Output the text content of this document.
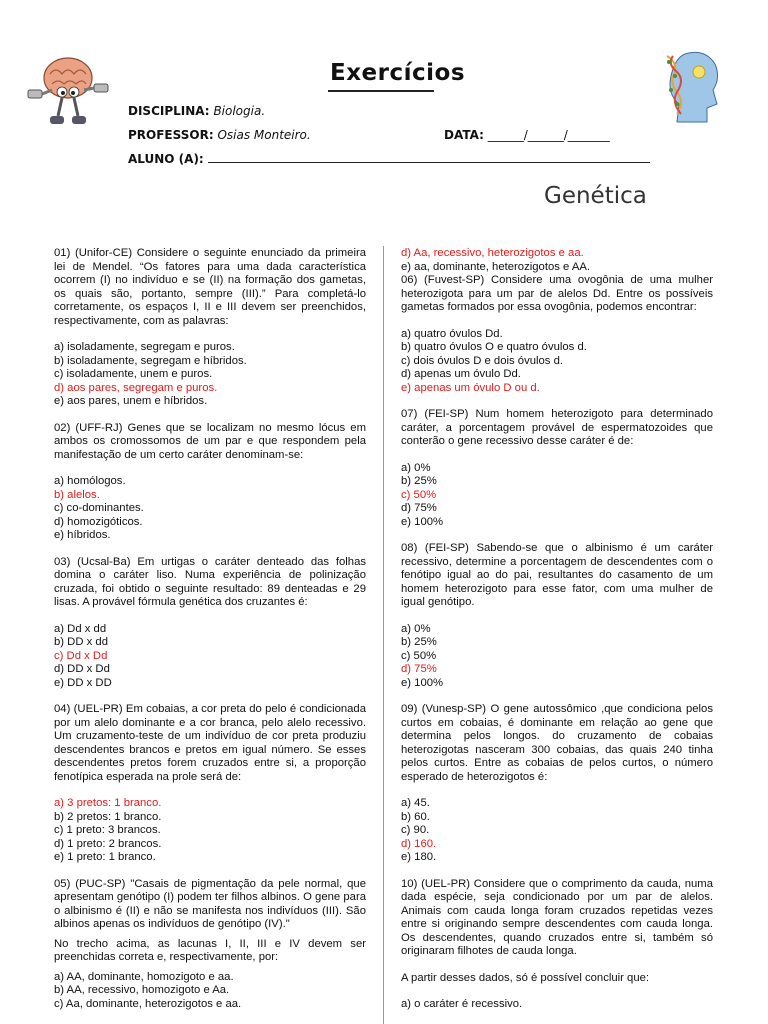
Exercícios
DISCIPLINA: Biologia.
PROFESSOR: Osias Monteiro.	DATA: ______/______/_______
ALUNO (A):
Genética

01) (Unifor-CE) Considere o seguinte enunciado da primeira lei de Mendel. “Os fatores para uma dada característica ocorrem (I) no indivíduo e se (II) na formação dos gametas, os quais são, portanto, sempre (III).” Para completá-lo corretamente, os espaços I, II e III devem ser preenchidos, respectivamente, com as palavras:

a) isoladamente, segregam e puros.

b) isoladamente, segregam e híbridos.

c) isoladamente, unem e puros.

d) aos pares, segregam e puros.

e) aos pares, unem e híbridos.

02) (UFF-RJ) Genes que se localizam no mesmo lócus em ambos os cromossomos de um par e que respondem pela manifestação de um certo caráter denominam-se:

a) homólogos.

b) alelos.

c) co-dominantes.

d) homozigóticos.

e) híbridos.

03) (Ucsal-Ba) Em urtigas o caráter denteado das folhas domina o caráter liso. Numa experiência de polinização cruzada, foi obtido o seguinte resultado: 89 denteadas e 29 lisas. A provável fórmula genética dos cruzantes é:

a) Dd x dd

b) DD x dd

c) Dd x Dd

d) DD x Dd

e) DD x DD

04) (UEL-PR) Em cobaias, a cor preta do pelo é condicionada por um alelo dominante e a cor branca, pelo alelo recessivo. Um cruzamento-teste de um indivíduo de cor preta produziu descendentes brancos e pretos em igual número. Se esses descendentes pretos forem cruzados entre si, a proporção fenotípica esperada na prole será de:

a) 3 pretos: 1 branco.

b) 2 pretos: 1 branco.

c) 1 preto: 3 brancos.

d) 1 preto: 2 brancos.

e) 1 preto: 1 branco.

05) (PUC-SP) "Casais de pigmentação da pele normal, que apresentam genótipo (I) podem ter filhos albinos. O gene para o albinismo é (II) e não se manifesta nos indivíduos (III). São albinos apenas os indivíduos de genótipo (IV)."

No trecho acima, as lacunas I, II, III e IV devem ser preenchidas correta e, respectivamente, por:

a) AA, dominante, homozigoto e aa.

b) AA, recessivo, homozigoto e Aa.

c) Aa, dominante, heterozigotos e aa.

d) Aa, recessivo, heterozigotos e aa.

e) aa, dominante, heterozigotos e AA.

06) (Fuvest-SP) Considere uma ovogônia de uma mulher heterozigota para um par de alelos Dd. Entre os possíveis gametas formados por essa ovogônia, podemos encontrar:

a) quatro óvulos Dd.

b) quatro óvulos O e quatro óvulos d.

c) dois óvulos D e dois óvulos d.

d) apenas um óvulo Dd.

e) apenas um óvulo D ou d.

07) (FEI-SP) Num homem heterozigoto para determinado caráter, a porcentagem provável de espermatozoides que conterão o gene recessivo desse caráter é de:

a) 0%

b) 25%

c) 50%

d) 75%

e) 100%

08) (FEI-SP) Sabendo-se que o albinismo é um caráter recessivo, determine a porcentagem de descendentes com o fenótipo igual ao do pai, resultantes do casamento de um homem heterozigoto para esse fator, com uma mulher de igual genótipo.

a) 0%

b) 25%

c) 50%

d) 75%

e) 100%

09) (Vunesp-SP) O gene autossômico ,que condiciona pelos curtos em cobaias, é dominante em relação ao gene que determina pelos longos. do cruzamento de cobaias heterozigotas nasceram 300 cobaias, das quais 240 tinha pelos curtos. Entre as cobaias de pelos curtos, o número esperado de heterozigotos é:

a) 45.

b) 60.

c) 90.

d) 160.

e) 180.

10) (UEL-PR) Considere que o comprimento da cauda, numa dada espécie, seja condicionado por um par de alelos. Animais com cauda longa foram cruzados repetidas vezes entre si originando sempre descendentes com cauda longa. Os descendentes, quando cruzados entre si, também só originaram filhotes de cauda longa.

A partir desses dados, só é possível concluir que:

a) o caráter é recessivo.
